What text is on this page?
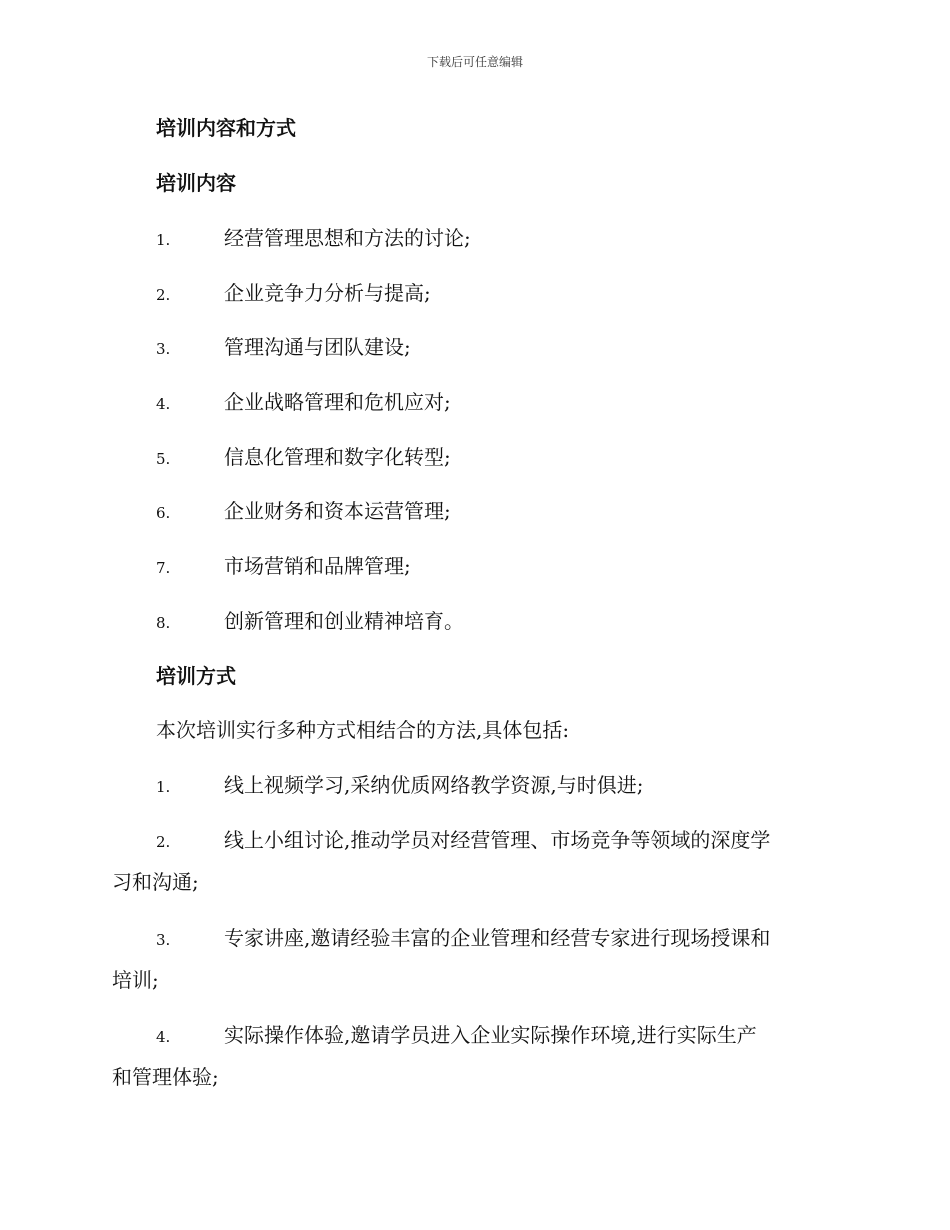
下载后可任意编辑
培训内容和方式
培训内容
1.	经营管理思想和方法的讨论;
2.	企业竞争力分析与提高;
3.	管理沟通与团队建设;
4.	企业战略管理和危机应对;
5.	信息化管理和数字化转型;
6.	企业财务和资本运营管理;
7.	市场营销和品牌管理;
8.	创新管理和创业精神培育。
培训方式
本次培训实行多种方式相结合的方法,具体包括:
1.	线上视频学习,采纳优质网络教学资源,与时俱进;
2.	线上小组讨论,推动学员对经营管理、市场竞争等领域的深度学
习和沟通;
3.	专家讲座,邀请经验丰富的企业管理和经营专家进行现场授课和
培训;
4.	实际操作体验,邀请学员进入企业实际操作环境,进行实际生产
和管理体验;
